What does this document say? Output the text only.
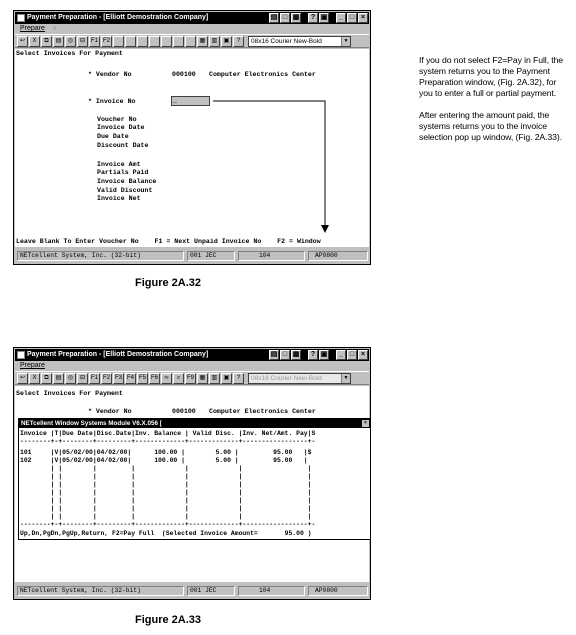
Payment Preparation - [Elliott Demostration Company]	▤ □ ▦	? ▣	_ □ ×
Prepare »
↩	X	⧉	▤	◎	⊟ F1 F2	▦	▥	▣	?	08x16 Courier New-Bold	▼
Select Invoices For Payment
* Vendor No	000100 Computer Electronics Center
* Invoice No	_
Voucher No
Invoice Date
Due Date
Discount Date
Invoice Amt
Partials Paid
Invoice Balance
Valid Discount
Invoice Net
Leave Blank To Enter Voucher No    F1 = Next Unpaid Invoice No    F2 = Window
NETcellent System, Inc. (32-bit)	001 JEC	104	AP0800
Figure 2A.32

If you do not select F2=Pay in Full, the system returns you to the Payment Preparation window, (Fig. 2A.32), for you to enter a full or partial payment.

After entering the amount paid, the systems returns you to the invoice selection pop up window, (Fig. 2A.33).

Payment Preparation - [Elliott Demostration Company]	▤ □ ▦	? ▣	_ □ ×
Prepare
↩	X	⧉	▤	◎	⊟ F1 F2 F3 F4 F5 F6	∞	⌕	F9 ▦	▥	▣	?	08x16 Courier New-Bold	▼
Select Invoices For Payment
* Vendor No	000100 Computer Electronics Center
NETcellent Window Systems Module V6.X.056 [	×
Invoice |T|Due Date|Disc.Date|Inv. Balance | Valid Disc. |Inv. Net/Amt. Pay|S
--------+-+--------+---------+-------------+-------------+-----------------+-
101     |V|05/02/00|04/02/00|      100.00 |        5.00 |         95.00   |$
102     |V|05/02/00|04/02/00|      100.00 |        5.00 |         95.00   |
| |        |         |             |             |                 |
| |        |         |             |             |                 |
| |        |         |             |             |                 |
| |        |         |             |             |                 |
| |        |         |             |             |                 |
| |        |         |             |             |                 |
| |        |         |             |             |                 |
--------+-+--------+---------+-------------+-------------+-----------------+-
Up,Dn,PgDn,PgUp,Return, F2=Pay Full  (Selected Invoice Amount=       95.00 )
NETcellent System, Inc. (32-bit)	001 JEC	104	AP0800
Figure 2A.33
